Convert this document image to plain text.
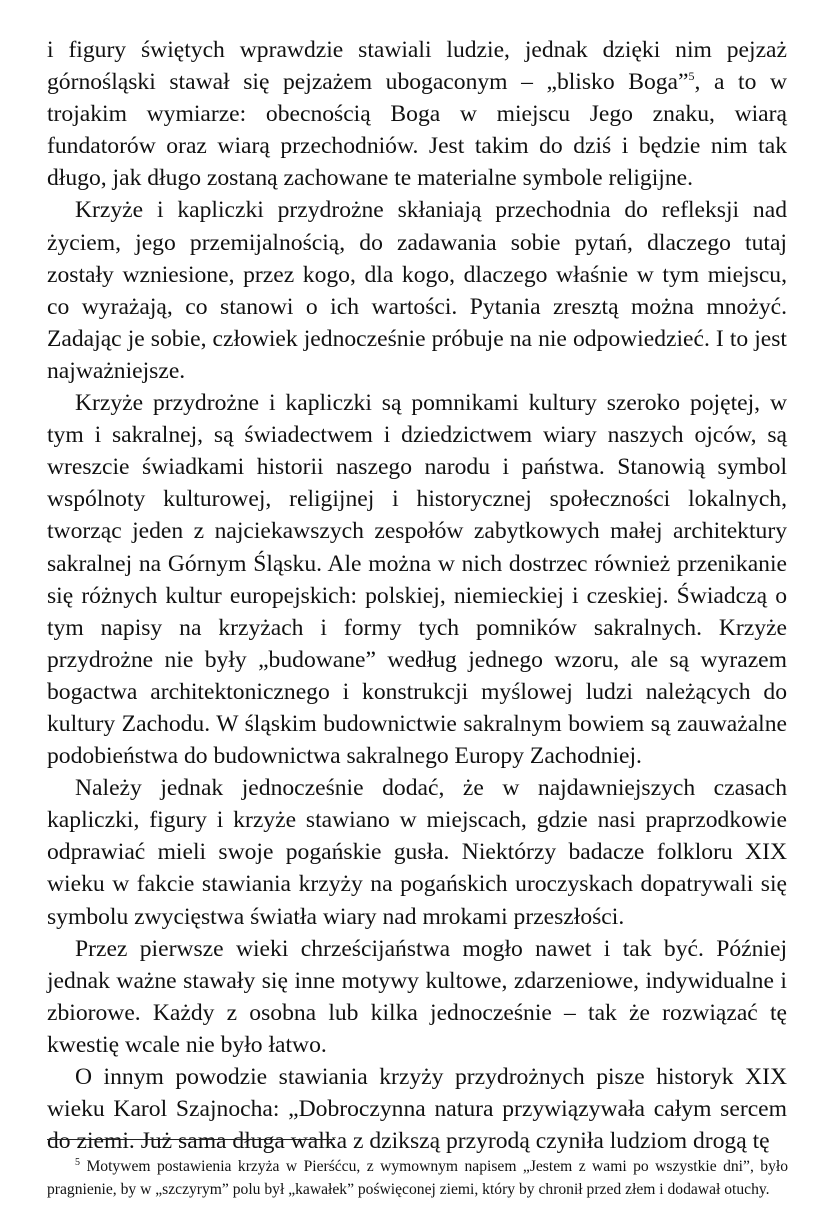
i figury świętych wprawdzie stawiali ludzie, jednak dzięki nim pejzaż górnośląski stawał się pejzażem ubogaconym – „blisko Boga”$^5$, a to w trojakim wymiarze: obecnością Boga w miejscu Jego znaku, wiarą fundatorów oraz wiarą przechodniów. Jest takim do dziś i będzie nim tak długo, jak długo zostaną zachowane te materialne symbole religijne.

Krzyże i kapliczki przydrożne skłaniają przechodnia do refleksji nad życiem, jego przemijalnością, do zadawania sobie pytań, dlaczego tutaj zostały wzniesione, przez kogo, dla kogo, dlaczego właśnie w tym miejscu, co wyrażają, co stanowi o ich wartości. Pytania zresztą można mnożyć. Zadając je sobie, człowiek jednocześnie próbuje na nie odpowiedzieć. I to jest najważniejsze.

Krzyże przydrożne i kapliczki są pomnikami kultury szeroko pojętej, w tym i sakralnej, są świadectwem i dziedzictwem wiary naszych ojców, są wreszcie świadkami historii naszego narodu i państwa. Stanowią symbol wspólnoty kulturowej, religijnej i historycznej społeczności lokalnych, tworząc jeden z najciekawszych zespołów zabytkowych małej architektury sakralnej na Górnym Śląsku. Ale można w nich dostrzec również przenikanie się różnych kultur europejskich: polskiej, niemieckiej i czeskiej. Świadczą o tym napisy na krzyżach i formy tych pomników sakralnych. Krzyże przydrożne nie były „budowane” według jednego wzoru, ale są wyrazem bogactwa architektonicznego i konstrukcji myślowej ludzi należących do kultury Zachodu. W śląskim budownictwie sakralnym bowiem są zauważalne podobieństwa do budownictwa sakralnego Europy Zachodniej.

Należy jednak jednocześnie dodać, że w najdawniejszych czasach kapliczki, figury i krzyże stawiano w miejscach, gdzie nasi praprzodkowie odprawiać mieli swoje pogańskie gusła. Niektórzy badacze folkloru XIX wieku w fakcie stawiania krzyży na pogańskich uroczyskach dopatrywali się symbolu zwycięstwa światła wiary nad mrokami przeszłości.

Przez pierwsze wieki chrześcijaństwa mogło nawet i tak być. Później jednak ważne stawały się inne motywy kultowe, zdarzeniowe, indywidualne i zbiorowe. Każdy z osobna lub kilka jednocześnie – tak że rozwiązać tę kwestię wcale nie było łatwo.

O innym powodzie stawiania krzyży przydrożnych pisze historyk XIX wieku Karol Szajnocha: „Dobroczynna natura przywiązywała całym sercem do ziemi. Już sama długa walka z dzikszą przyrodą czyniła ludziom drogą tę

$^5$ Motywem postawienia krzyża w Pierśćcu, z wymownym napisem „Jestem z wami po wszystkie dni”, było pragnienie, by w „szczyrym” polu był „kawałek” poświęconej ziemi, który by chronił przed złem i dodawał otuchy.
